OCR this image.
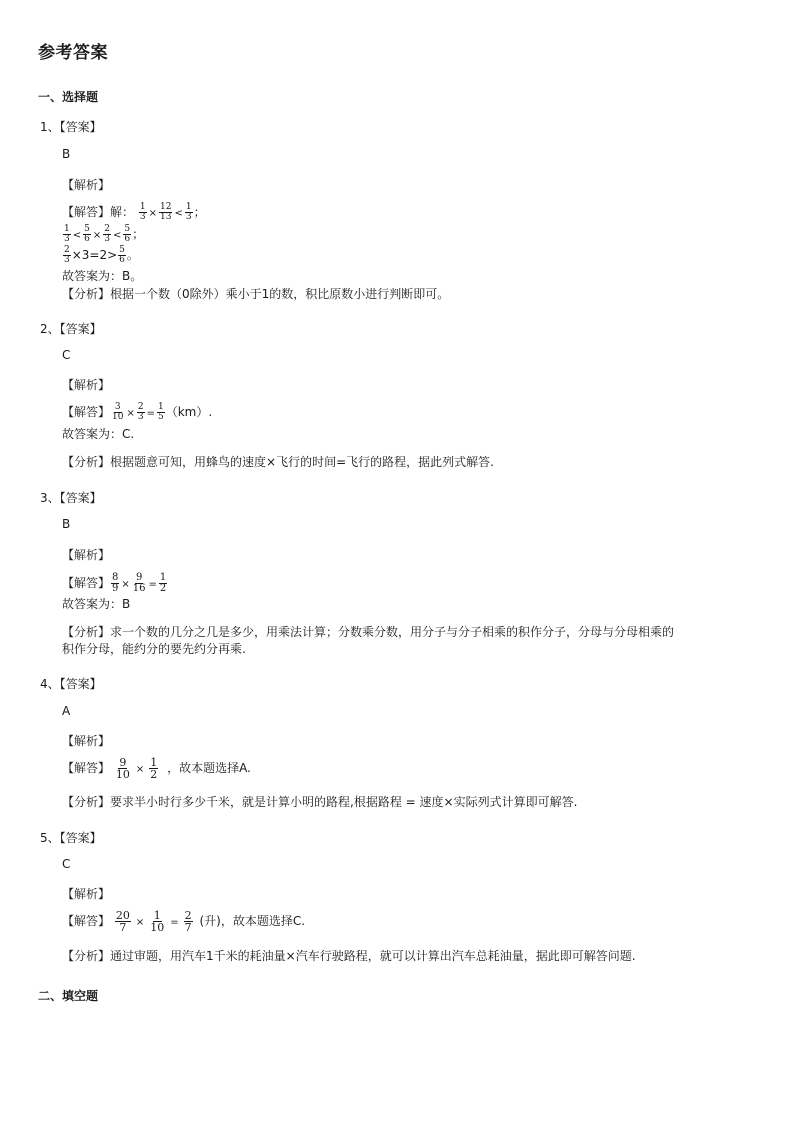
参考答案
一、选择题
1、【答案】
B
【解析】
【解答】解： $\frac{1}{3} \times \frac{12}{13} < \frac{1}{3}$ ；
$\frac{1}{3} < \frac{5}{6} \times \frac{2}{3} < \frac{5}{6}$ ；
$\frac{2}{3} \times 3=2> \frac{5}{6}$ 。
故答案为：B。
【分析】根据一个数（0除外）乘小于1的数，积比原数小进行判断即可。
2、【答案】
C
【解析】
【解答】 $\frac{3}{10} \times \frac{2}{3} = \frac{1}{5} (km)$.
故答案为：C.
【分析】根据题意可知，用蜂鸟的速度×飞行的时间=飞行的路程，据此列式解答.
3、【答案】
B
【解析】
【解答】 $\frac{8}{9} \times \frac{9}{16} = \frac{1}{2}$
故答案为：B
【分析】求一个数的几分之几是多少，用乘法计算；分数乘分数，用分子与分子相乘的积作分子，分母与分母相乘的
积作分母，能约分的要先约分再乘.
4、【答案】
A
【解析】
【解答】 $\frac{9}{10} \times \frac{1}{2}$ ，故本题选择A.
【分析】要求半小时行多少千米，就是计算小明的路程,根据路程 = 速度×实际列式计算即可解答.
5、【答案】
C
【解析】
【解答】 $\frac{20}{7} \times \frac{1}{10} = \frac{2}{7}$ (升)，故本题选择C.
【分析】通过审题，用汽车1千米的耗油量×汽车行驶路程，就可以计算出汽车总耗油量，据此即可解答问题.
二、填空题
